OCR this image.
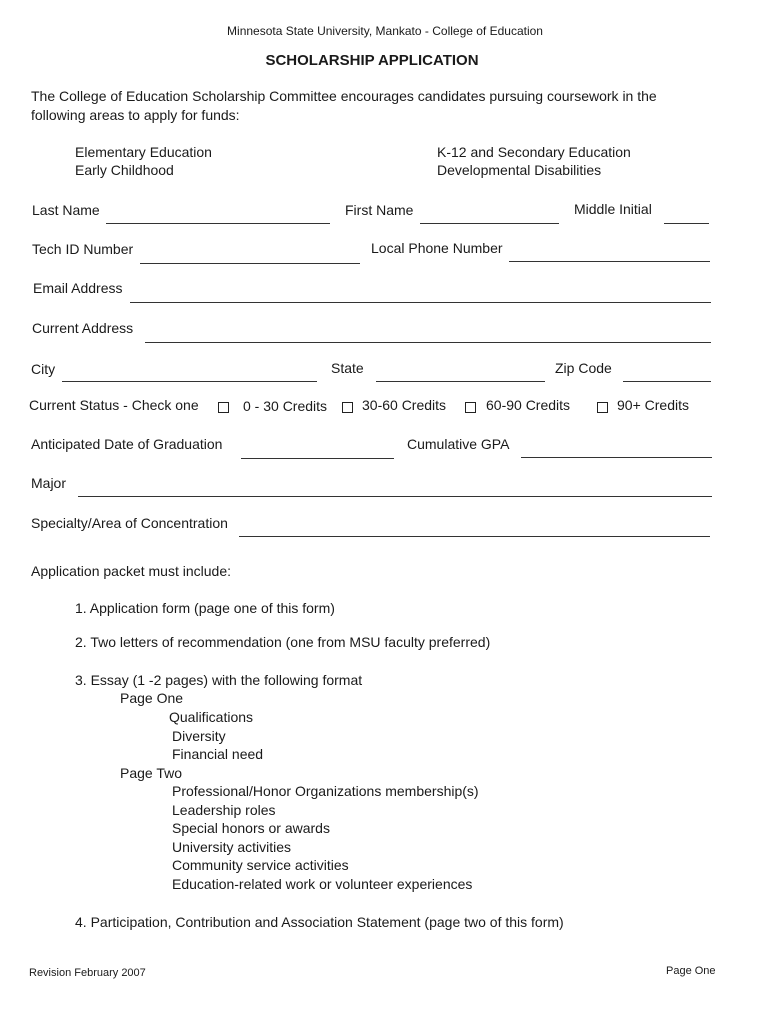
Minnesota State University, Mankato - College of Education
SCHOLARSHIP APPLICATION
The College of Education Scholarship Committee encourages candidates pursuing coursework in the
following areas to apply for funds:
Elementary Education
Early Childhood
K-12 and Secondary Education
Developmental Disabilities
Last Name	First Name	Middle Initial
Tech ID Number	Local Phone Number
Email Address
Current Address
City	State	Zip Code
Current Status - Check one	0 - 30 Credits 30-60 Credits	60-90 Credits	90+ Credits
Anticipated Date of Graduation	Cumulative GPA
Major
Specialty/Area of Concentration
Application packet must include:
1. Application form (page one of this form)
2. Two letters of recommendation (one from MSU faculty preferred)
3. Essay (1 -2 pages) with the following format
Page One
Qualifications
Diversity
Financial need
Page Two
Professional/Honor Organizations membership(s)
Leadership roles
Special honors or awards
University activities
Community service activities
Education-related work or volunteer experiences
4. Participation, Contribution and Association Statement (page two of this form)
Revision February 2007	Page One
